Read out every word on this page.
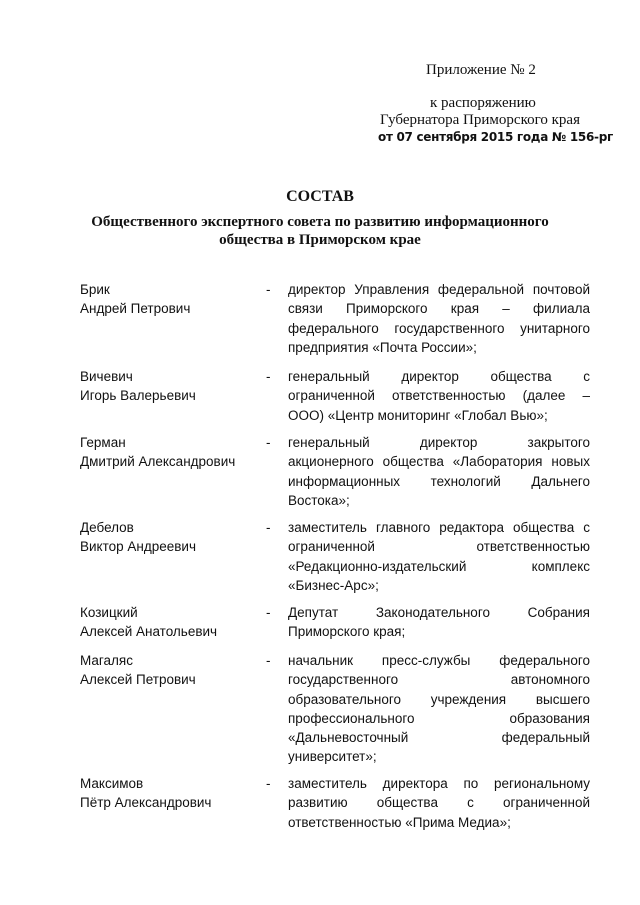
Приложение № 2
к распоряжению
Губернатора Приморского края
от 07 сентября 2015 года № 156-рг
СОСТАВ
Общественного экспертного совета по развитию информационного
общества в Приморском крае
Брик
Андрей Петрович
-	директор Управления федеральной почтовой
связи Приморского края – филиала
федерального государственного унитарного
предприятия «Почта России»;
Вичевич
Игорь Валерьевич
-	генеральный директор общества с
ограниченной ответственностью (далее –
ООО) «Центр мониторинг «Глобал Вью»;
Герман
Дмитрий Александрович
-	генеральный директор закрытого
акционерного общества «Лаборатория новых
информационных технологий Дальнего
Востока»;
Дебелов
Виктор Андреевич
-	заместитель главного редактора общества с
ограниченной ответственностью
«Редакционно-издательский комплекс
«Бизнес-Арс»;
Козицкий
Алексей Анатольевич
-	Депутат Законодательного Собрания
Приморского края;
Магаляс
Алексей Петрович
-	начальник пресс-службы федерального
государственного автономного
образовательного учреждения высшего
профессионального образования
«Дальневосточный федеральный
университет»;
Максимов
Пётр Александрович
-	заместитель директора по региональному
развитию общества с ограниченной
ответственностью «Прима Медиа»;
